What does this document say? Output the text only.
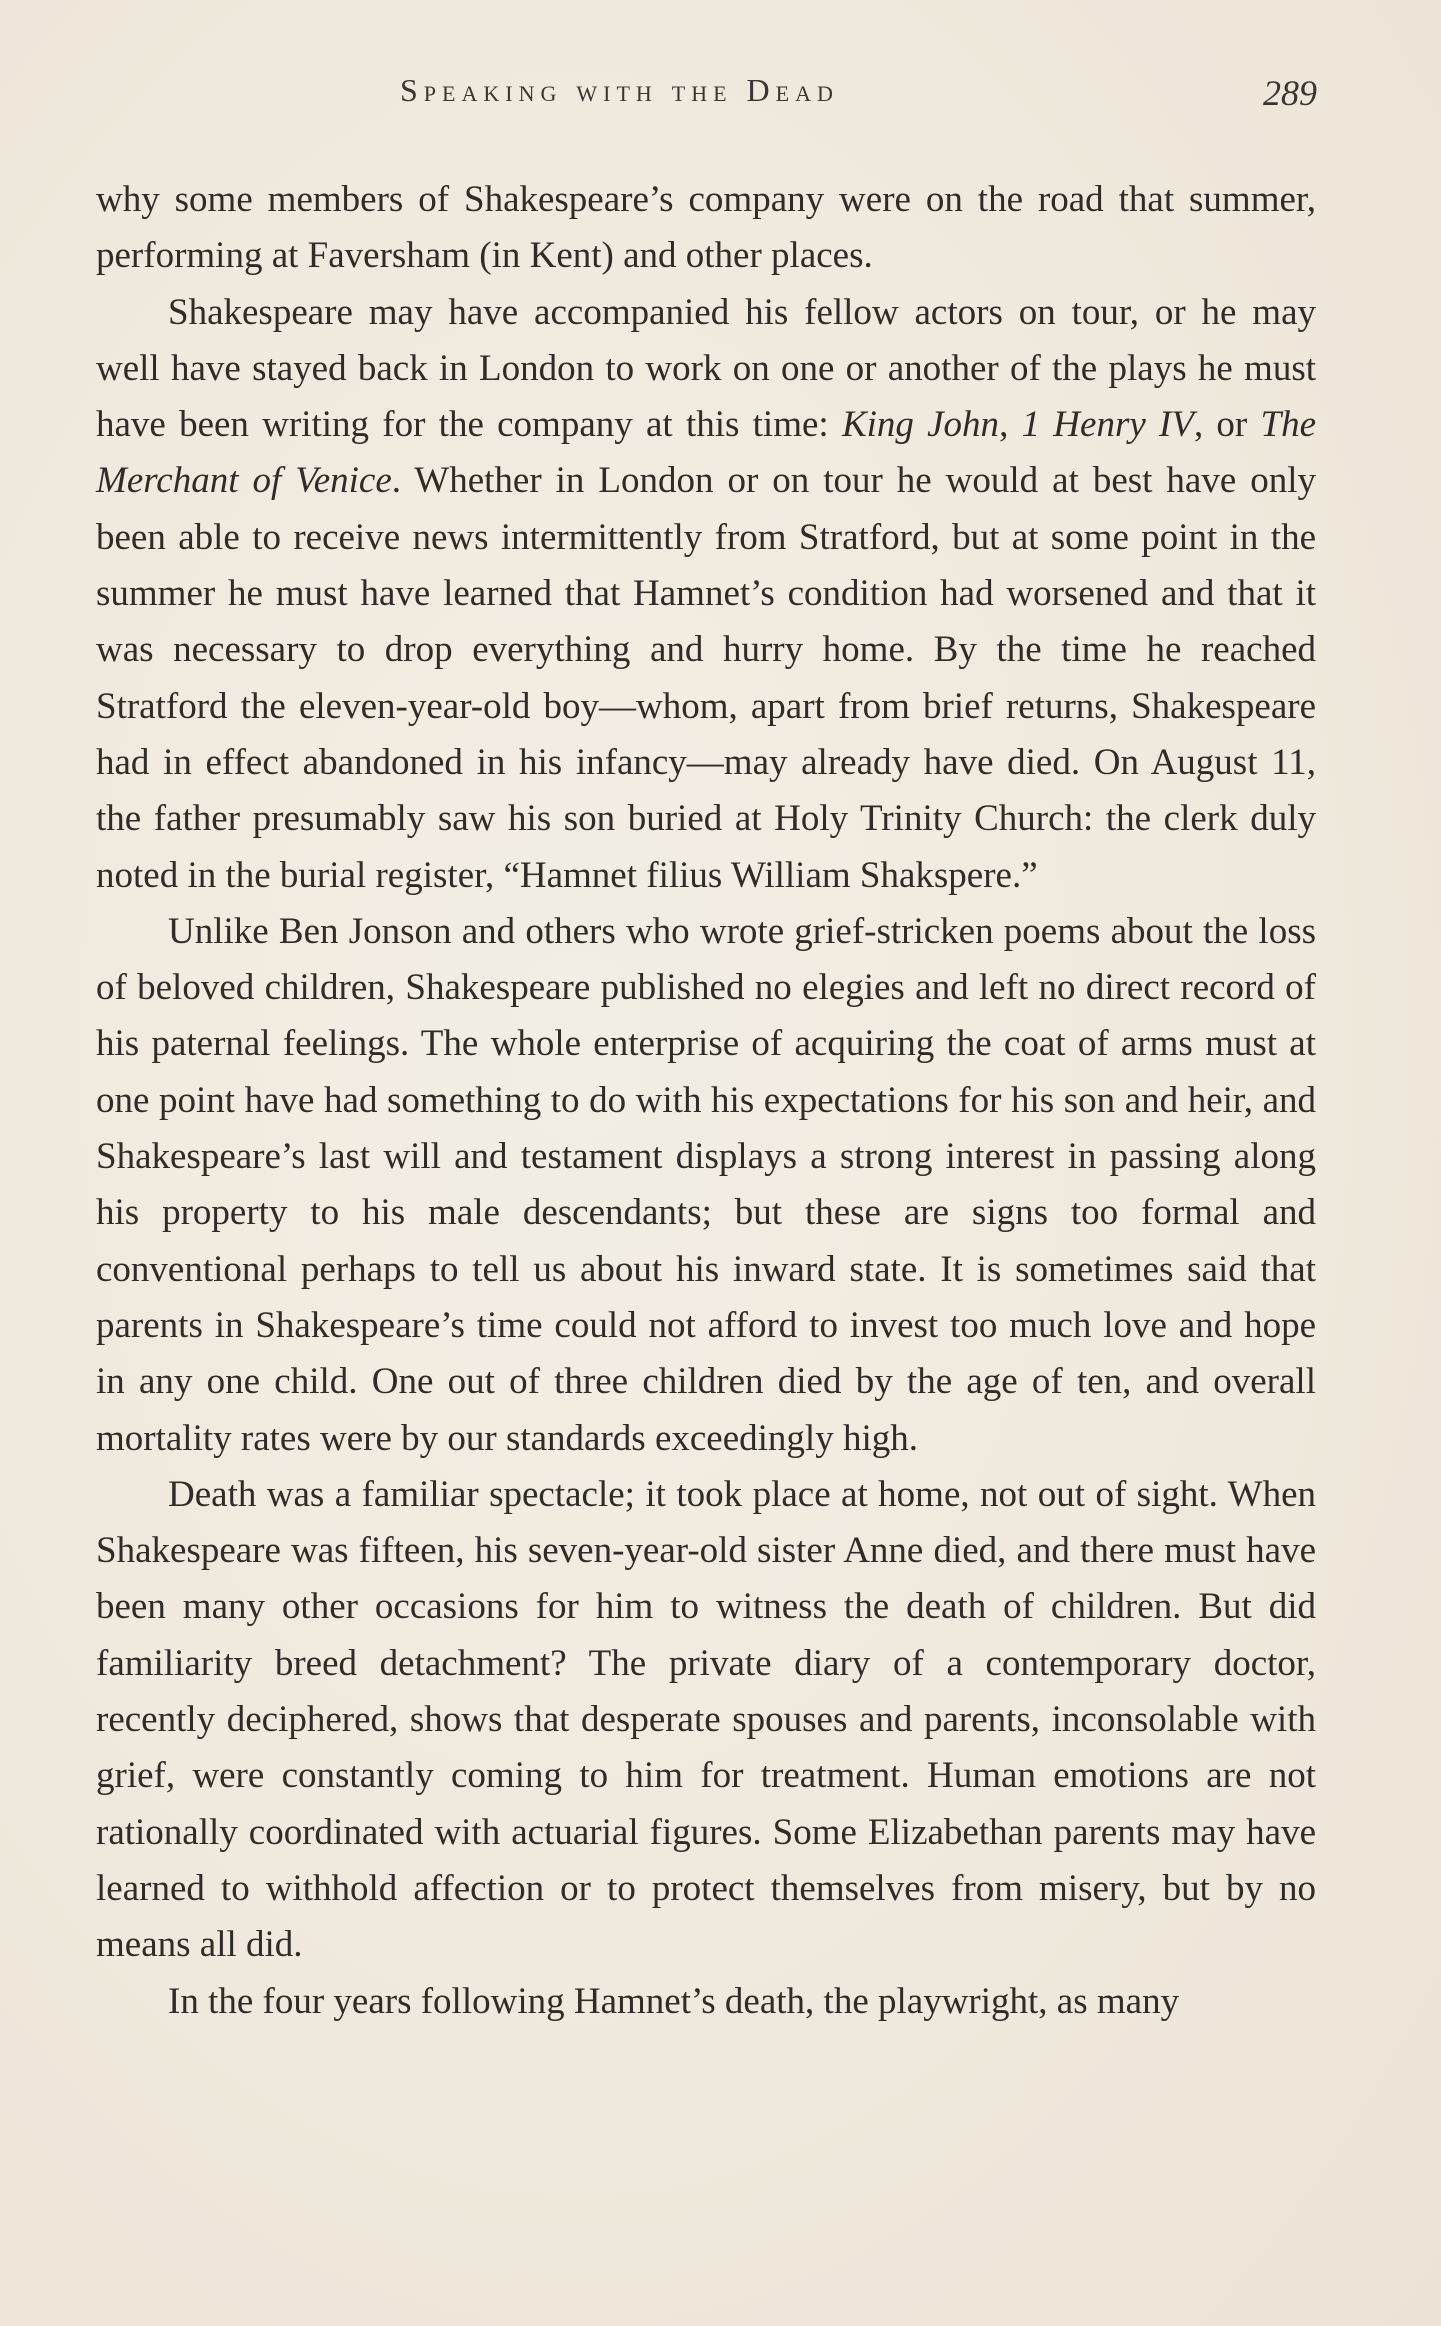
Speaking with the Dead	289

why some members of Shakespeare’s company were on the road that summer, performing at Faversham (in Kent) and other places.

Shakespeare may have accompanied his fellow actors on tour, or he may well have stayed back in London to work on one or another of the plays he must have been writing for the company at this time: King John, 1 Henry IV, or The Merchant of Venice. Whether in London or on tour he would at best have only been able to receive news intermittently from Stratford, but at some point in the summer he must have learned that Hamnet’s condition had worsened and that it was necessary to drop everything and hurry home. By the time he reached Stratford the eleven-year-old boy—whom, apart from brief returns, Shakespeare had in effect abandoned in his infancy—may already have died. On August 11, the father presumably saw his son buried at Holy Trinity Church: the clerk duly noted in the burial register, “Hamnet filius William Shakspere.”

Unlike Ben Jonson and others who wrote grief-stricken poems about the loss of beloved children, Shakespeare published no elegies and left no direct record of his paternal feelings. The whole enterprise of acquiring the coat of arms must at one point have had something to do with his expectations for his son and heir, and Shakespeare’s last will and testament displays a strong interest in passing along his property to his male descendants; but these are signs too formal and conventional perhaps to tell us about his inward state. It is sometimes said that parents in Shakespeare’s time could not afford to invest too much love and hope in any one child. One out of three children died by the age of ten, and overall mortality rates were by our standards exceedingly high.

Death was a familiar spectacle; it took place at home, not out of sight. When Shakespeare was fifteen, his seven-year-old sister Anne died, and there must have been many other occasions for him to witness the death of children. But did familiarity breed detachment? The private diary of a contemporary doctor, recently deciphered, shows that desperate spouses and parents, inconsolable with grief, were constantly coming to him for treatment. Human emotions are not rationally coordinated with actuarial figures. Some Elizabethan parents may have learned to withhold affection or to protect themselves from misery, but by no means all did.

In the four years following Hamnet’s death, the playwright, as many
